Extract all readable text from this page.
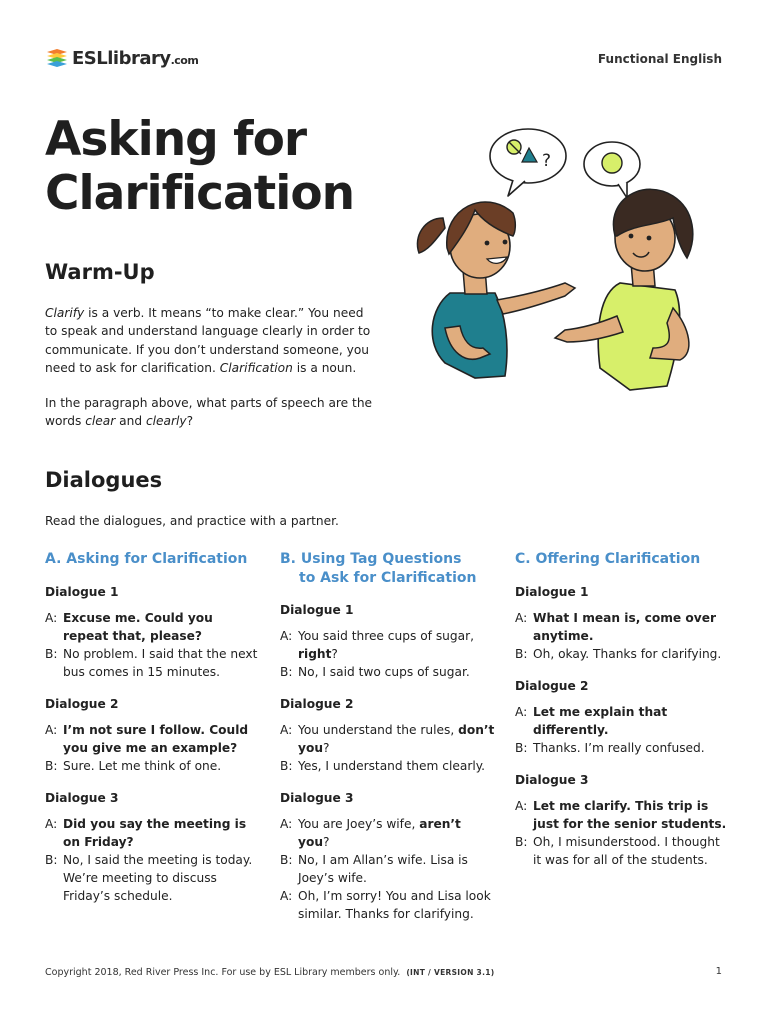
ESLlibrary.com	Functional English
Asking for Clarification
?
Warm-Up
Clarify is a verb. It means “to make clear.” You need to speak and understand language clearly in order to communicate. If you don’t understand someone, you need to ask for clarification. Clarification is a noun.
In the paragraph above, what parts of speech are the words clear and clearly?
Dialogues
Read the dialogues, and practice with a partner.
A. Asking for Clarification
Dialogue 1
A: Excuse me. Could you repeat that, please?
B: No problem. I said that the next bus comes in 15 minutes.
Dialogue 2
A: I’m not sure I follow. Could you give me an example?
B: Sure. Let me think of one.
Dialogue 3
A: Did you say the meeting is on Friday?
B: No, I said the meeting is today. We’re meeting to discuss Friday’s schedule.
B. Using Tag Questions
to Ask for Clarification
Dialogue 1
A: You said three cups of sugar, right?
B: No, I said two cups of sugar.
Dialogue 2
A: You understand the rules, don’t you?
B: Yes, I understand them clearly.
Dialogue 3
A: You are Joey’s wife, aren’t you?
B: No, I am Allan’s wife. Lisa is Joey’s wife.
A: Oh, I’m sorry! You and Lisa look similar. Thanks for clarifying.
C. Offering Clarification
Dialogue 1
A: What I mean is, come over anytime.
B: Oh, okay. Thanks for clarifying.
Dialogue 2
A: Let me explain that differently.
B: Thanks. I’m really confused.
Dialogue 3
A: Let me clarify. This trip is just for the senior students.
B: Oh, I misunderstood. I thought it was for all of the students.
Copyright 2018, Red River Press Inc. For use by ESL Library members only. (INT / VERSION 3.1)	1
